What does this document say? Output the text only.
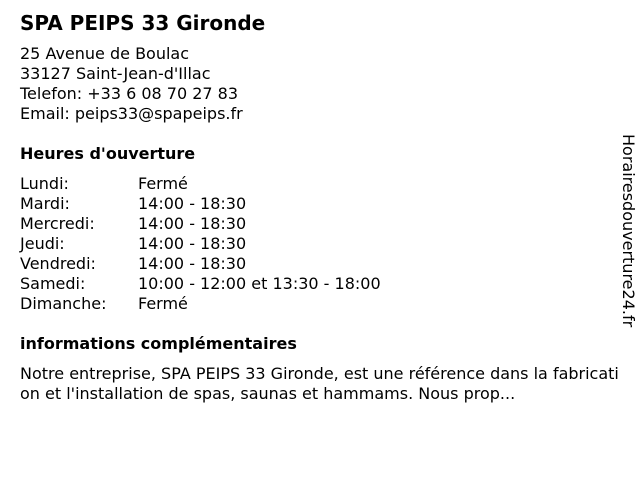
SPA PEIPS 33 Gironde
25 Avenue de Boulac
33127 Saint-Jean-d'Illac
Telefon: +33 6 08 70 27 83
Email: peips33@spapeips.fr
Heures d'ouverture
Lundi:	Fermé
Mardi:	14:00 - 18:30
Mercredi:	14:00 - 18:30
Jeudi:	14:00 - 18:30
Vendredi:	14:00 - 18:30
Samedi:	10:00 - 12:00 et 13:30 - 18:00
Dimanche:	Fermé
informations complémentaires
Notre entreprise, SPA PEIPS 33 Gironde, est une référence dans la fabrication et l'installation de spas, saunas et hammams. Nous prop...
Horairesdouverture24.fr
